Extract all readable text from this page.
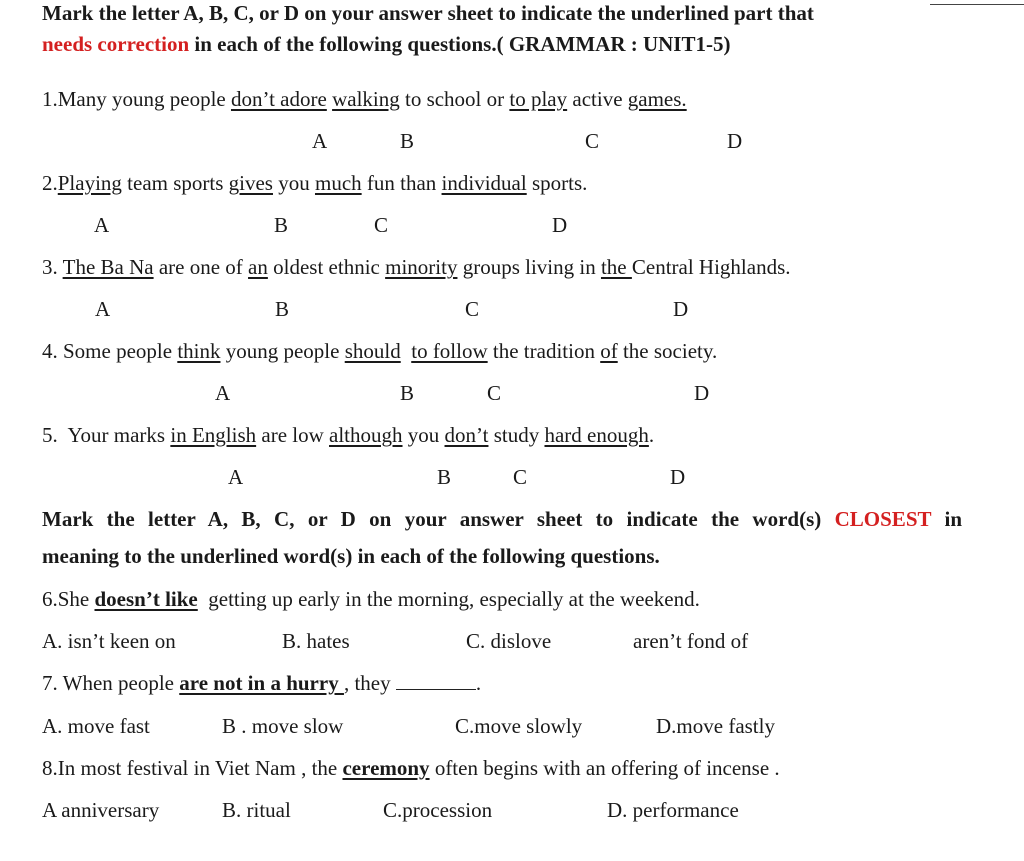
Mark the letter A, B, C, or D on your answer sheet to indicate the underlined part that
needs correction in each of the following questions.( GRAMMAR : UNIT1-5)
1.Many young people don’t adore walking to school or to play active games.
A	B	C	D
2.Playing team sports gives you much fun than individual sports.
A	B	C	D
3. The Ba Na are one of an oldest ethnic minority groups living in the Central Highlands.
A	B	C	D
4. Some people think young people should to follow the tradition of the society.
A	B	C	D
5.  Your marks in English are low although you don’t study hard enough.
A	B	C	D
Mark the letter A, B, C, or D on your answer sheet to indicate the word(s) CLOSEST in
meaning to the underlined word(s) in each of the following questions.
6.She doesn’t like  getting up early in the morning, especially at the weekend.
A. isn’t keen on	B. hates	C. dislove	aren’t fond of
7. When people are not in a hurry , they	.
A. move fast	B . move slow	C.move slowly	D.move fastly
8.In most festival in Viet Nam , the ceremony often begins with an offering of incense .
A anniversary	B. ritual	C.procession	D. performance
